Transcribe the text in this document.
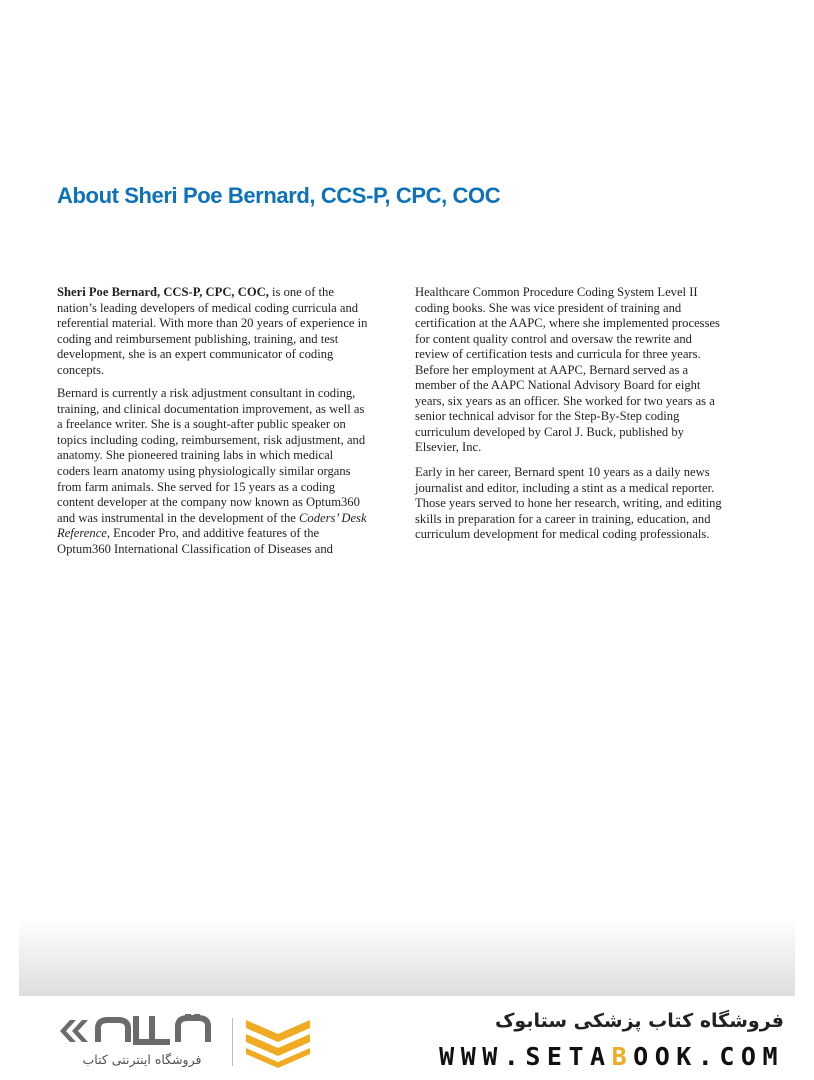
About Sheri Poe Bernard, CCS-P, CPC, COC

Sheri Poe Bernard, CCS-P, CPC, COC, is one of the nation’s leading developers of medical coding curricula and referential material. With more than 20 years of experience in coding and reimbursement publishing, training, and test development, she is an expert communicator of coding concepts.

Bernard is currently a risk adjustment consultant in coding, training, and clinical documentation improvement, as well as a freelance writer. She is a sought-after public speaker on topics including coding, reimbursement, risk adjustment, and anatomy. She pioneered training labs in which medical coders learn anatomy using physiologically similar organs from farm animals. She served for 15 years as a coding content developer at the company now known as Optum360 and was instrumental in the development of the Coders’ Desk Reference, Encoder Pro, and additive features of the Optum360 International Classification of Diseases and

Healthcare Common Procedure Coding System Level II coding books. She was vice president of training and certification at the AAPC, where she implemented processes for content quality control and oversaw the rewrite and review of certification tests and curricula for three years. Before her employment at AAPC, Bernard served as a member of the AAPC National Advisory Board for eight years, six years as an officer. She worked for two years as a senior technical advisor for the Step-By-Step coding curriculum developed by Carol J. Buck, published by Elsevier, Inc.

Early in her career, Bernard spent 10 years as a daily news journalist and editor, including a stint as a medical reporter. Those years served to hone her research, writing, and editing skills in preparation for a career in training, education, and curriculum development for medical coding professionals.

فروشگاه اینترنتی کتاب
فروشگاه کتاب پزشکی ستابوک
WWW.SETABOOK.COM
